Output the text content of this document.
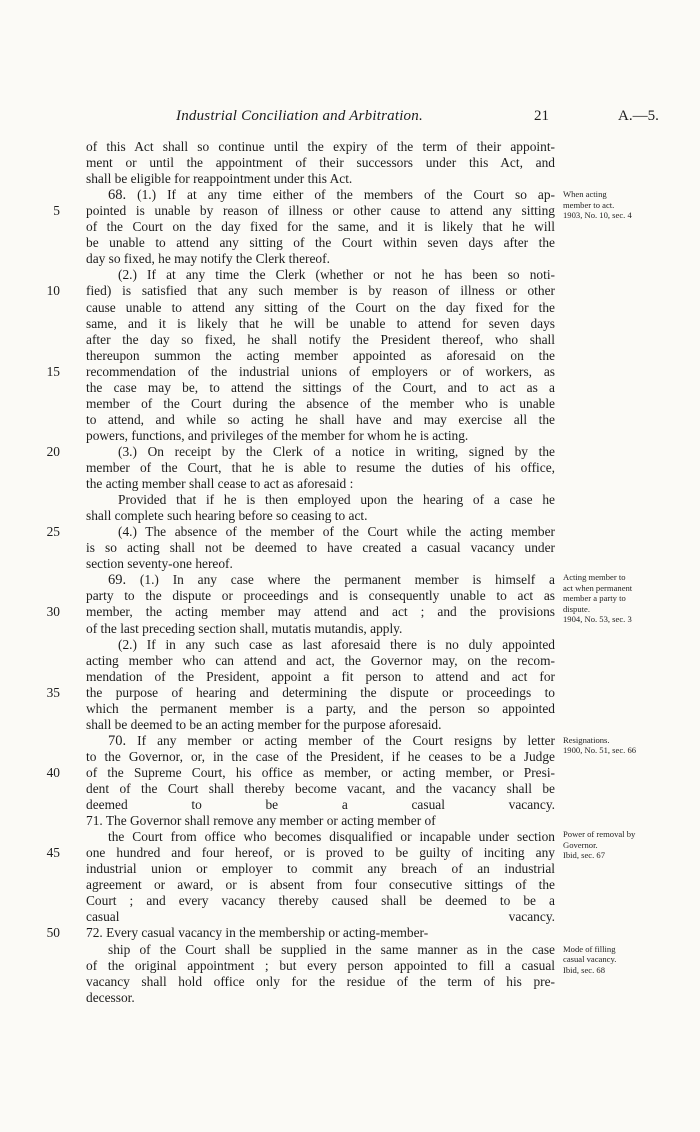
Industrial Conciliation and Arbitration.	21	A.—5.
of this Act shall so continue until the expiry of the term of their appoint-
ment or until the appointment of their successors under this Act, and
shall be eligible for reappointment under this Act.
68. (1.) If at any time either of the members of the Court so ap-
pointed is unable by reason of illness or other cause to attend any sitting
of the Court on the day fixed for the same, and it is likely that he will
be unable to attend any sitting of the Court within seven days after the
day so fixed, he may notify the Clerk thereof.
(2.) If at any time the Clerk (whether or not he has been so noti-
fied) is satisfied that any such member is by reason of illness or other
cause unable to attend any sitting of the Court on the day fixed for the
same, and it is likely that he will be unable to attend for seven days
after the day so fixed, he shall notify the President thereof, who shall
thereupon summon the acting member appointed as aforesaid on the
recommendation of the industrial unions of employers or of workers, as
the case may be, to attend the sittings of the Court, and to act as a
member of the Court during the absence of the member who is unable
to attend, and while so acting he shall have and may exercise all the
powers, functions, and privileges of the member for whom he is acting.
(3.) On receipt by the Clerk of a notice in writing, signed by the
member of the Court, that he is able to resume the duties of his office,
the acting member shall cease to act as aforesaid :
Provided that if he is then employed upon the hearing of a case he
shall complete such hearing before so ceasing to act.
(4.) The absence of the member of the Court while the acting member
is so acting shall not be deemed to have created a casual vacancy under
section seventy-one hereof.
69. (1.) In any case where the permanent member is himself a
party to the dispute or proceedings and is consequently unable to act as
member, the acting member may attend and act ; and the provisions
of the last preceding section shall, mutatis mutandis, apply.
(2.) If in any such case as last aforesaid there is no duly appointed
acting member who can attend and act, the Governor may, on the recom-
mendation of the President, appoint a fit person to attend and act for
the purpose of hearing and determining the dispute or proceedings to
which the permanent member is a party, and the person so appointed
shall be deemed to be an acting member for the purpose aforesaid.
70. If any member or acting member of the Court resigns by letter
to the Governor, or, in the case of the President, if he ceases to be a Judge
of the Supreme Court, his office as member, or acting member, or Presi-
dent of the Court shall thereby become vacant, and the vacancy shall be
deemed to be a casual vacancy.
71. The Governor shall remove any member or acting member of
the Court from office who becomes disqualified or incapable under section
one hundred and four hereof, or is proved to be guilty of inciting any
industrial union or employer to commit any breach of an industrial
agreement or award, or is absent from four consecutive sittings of the
Court ; and every vacancy thereby caused shall be deemed to be a
casual vacancy.
72. Every casual vacancy in the membership or acting-member-
ship of the Court shall be supplied in the same manner as in the case
of the original appointment ; but every person appointed to fill a casual
vacancy shall hold office only for the residue of the term of his pre-
decessor.
5
10
15
20
25
30
35
40
45
50
When acting
member to act.
1903, No. 10, sec. 4
Acting member to
act when permanent
member a party to
dispute.
1904, No. 53, sec. 3
Resignations.
1900, No. 51, sec. 66
Power of removal by
Governor.
Ibid, sec. 67
Mode of filling
casual vacancy.
Ibid, sec. 68
